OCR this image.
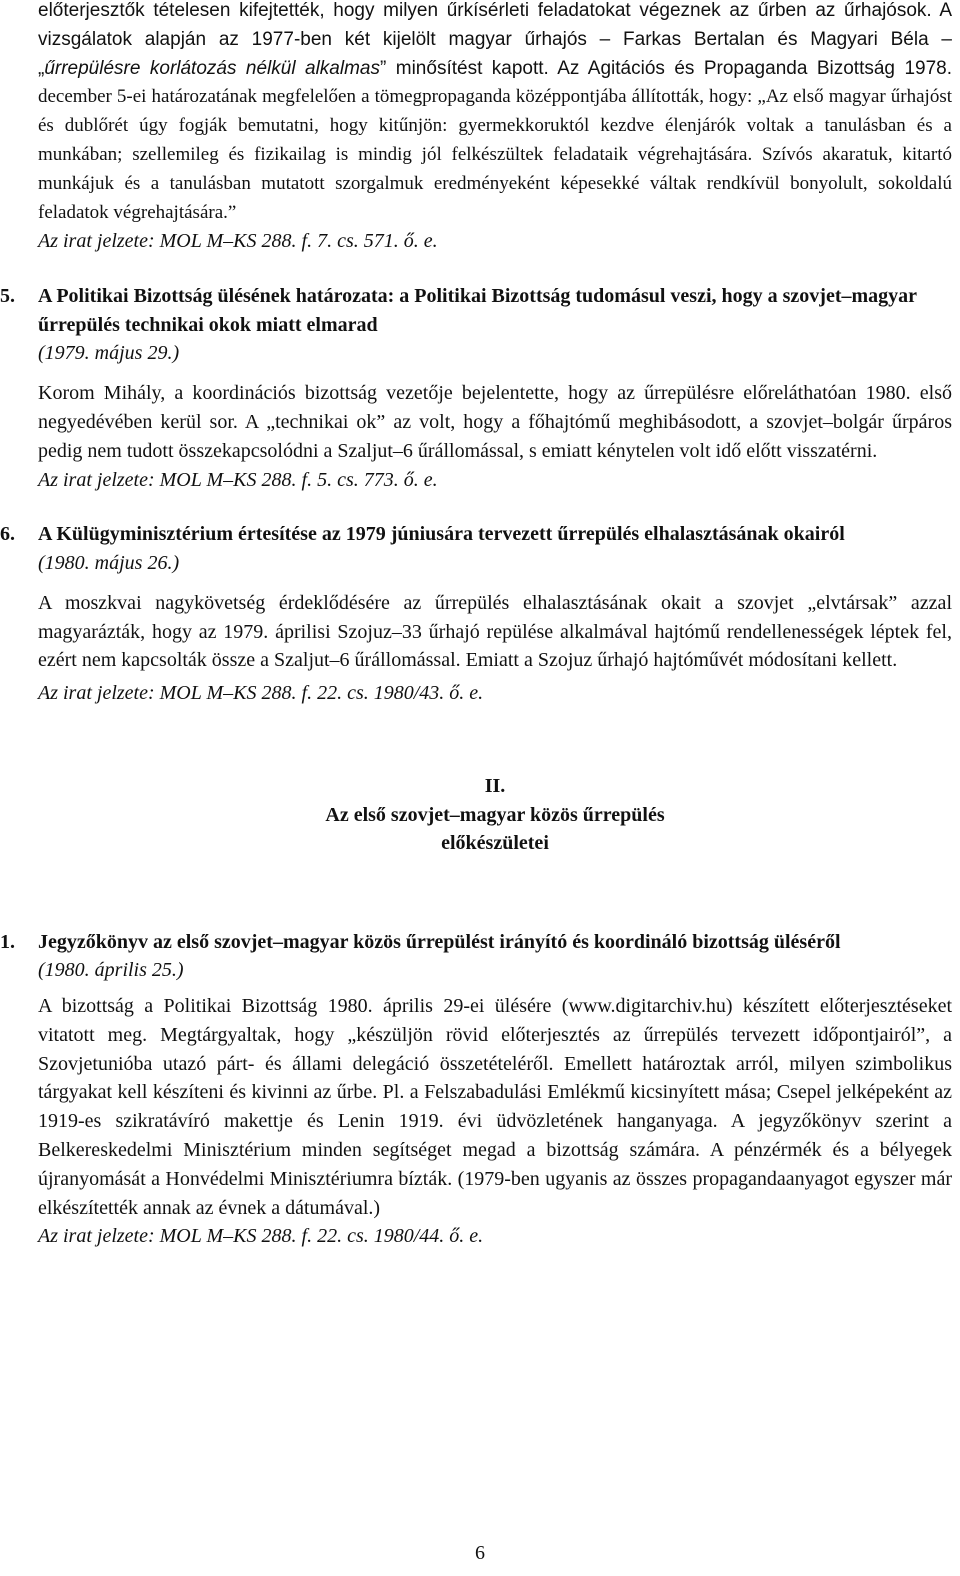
előterjesztők tételesen kifejtették, hogy milyen űrkísérleti feladatokat végeznek az űrben az űrhajósok. A vizsgálatok alapján az 1977-ben két kijelölt magyar űrhajós – Farkas Bertalan és Magyari Béla – „űrrepülésre korlátozás nélkül alkalmas” minősítést kapott. Az Agitációs és Propaganda Bizottság 1978. december 5-ei határozatának megfelelően a tömegpropaganda középpontjába állították, hogy: „Az első magyar űrhajóst és dublőrét úgy fogják bemutatni, hogy kitűnjön: gyermekkoruktól kezdve élenjárók voltak a tanulásban és a munkában; szellemileg és fizikailag is mindig jól felkészültek feladataik végrehajtására. Szívós akaratuk, kitartó munkájuk és a tanulásban mutatott szorgalmuk eredményeként képesekké váltak rendkívül bonyolult, sokoldalú feladatok végrehajtására.”

Az irat jelzete: MOL M–KS 288. f. 7. cs. 571. ő. e.

5. A Politikai Bizottság ülésének határozata: a Politikai Bizottság tudomásul veszi, hogy a szovjet–magyar űrrepülés technikai okok miatt elmarad

(1979. május 29.)

Korom Mihály, a koordinációs bizottság vezetője bejelentette, hogy az űrrepülésre előreláthatóan 1980. első negyedévében kerül sor. A „technikai ok” az volt, hogy a főhajtómű meghibásodott, a szovjet–bolgár űrpáros pedig nem tudott összekapcsolódni a Szaljut–6 űrállomással, s emiatt kénytelen volt idő előtt visszatérni.

Az irat jelzete: MOL M–KS 288. f. 5. cs. 773. ő. e.

6. A Külügyminisztérium értesítése az 1979 júniusára tervezett űrrepülés elhalasztásának okairól

(1980. május 26.)

A moszkvai nagykövetség érdeklődésére az űrrepülés elhalasztásának okait a szovjet „elvtársak” azzal magyarázták, hogy az 1979. áprilisi Szojuz–33 űrhajó repülése alkalmával hajtómű rendellenességek léptek fel, ezért nem kapcsolták össze a Szaljut–6 űrállomással. Emiatt a Szojuz űrhajó hajtóművét módosítani kellett.

Az irat jelzete: MOL M–KS 288. f. 22. cs. 1980/43. ő. e.

II.

Az első szovjet–magyar közös űrrepülés

előkészületei

1. Jegyzőkönyv az első szovjet–magyar közös űrrepülést irányító és koordináló bizottság üléséről

(1980. április 25.)

A bizottság a Politikai Bizottság 1980. április 29-ei ülésére (www.digitarchiv.hu) készített előterjesztéseket vitatott meg. Megtárgyaltak, hogy „készüljön rövid előterjesztés az űrrepülés tervezett időpontjairól”, a Szovjetunióba utazó párt- és állami delegáció összetételéről. Emellett határoztak arról, milyen szimbolikus tárgyakat kell készíteni és kivinni az űrbe. Pl. a Felszabadulási Emlékmű kicsinyített mása; Csepel jelképeként az 1919-es szikratávíró makettje és Lenin 1919. évi üdvözletének hanganyaga. A jegyzőkönyv szerint a Belkereskedelmi Minisztérium minden segítséget megad a bizottság számára. A pénzérmék és a bélyegek újranyomását a Honvédelmi Minisztériumra bízták. (1979-ben ugyanis az összes propagandaanyagot egyszer már elkészítették annak az évnek a dátumával.)

Az irat jelzete: MOL M–KS 288. f. 22. cs. 1980/44. ő. e.

6
